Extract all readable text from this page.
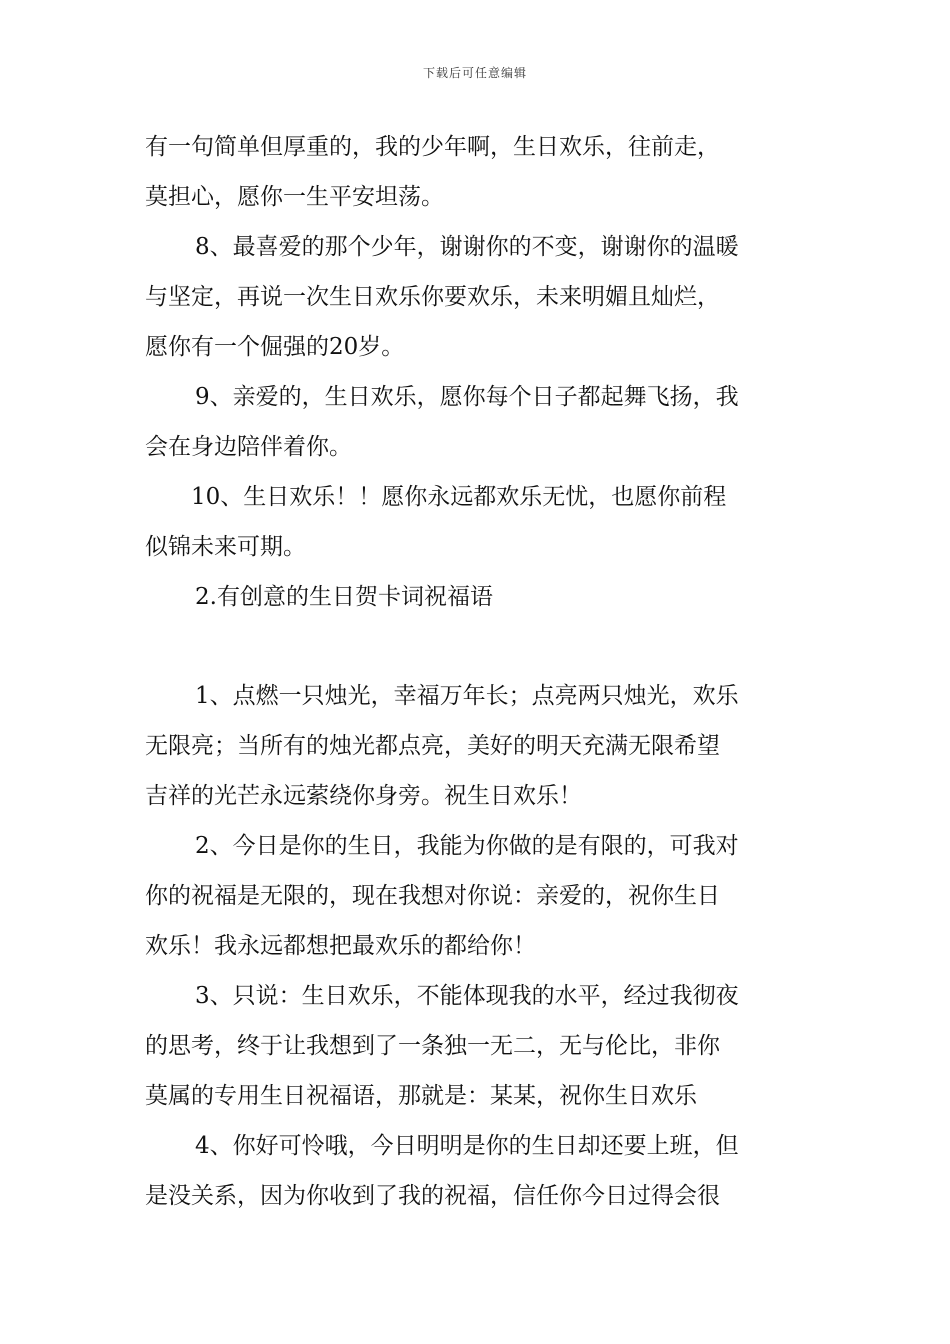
下载后可任意编辑
有一句简单但厚重的，我的少年啊，生日欢乐，往前走，
莫担心，愿你一生平安坦荡。
8、最喜爱的那个少年，谢谢你的不变，谢谢你的温暖
与坚定，再说一次生日欢乐你要欢乐，未来明媚且灿烂，
愿你有一个倔强的20岁。
9、亲爱的，生日欢乐，愿你每个日子都起舞飞扬，我
会在身边陪伴着你。
10、生日欢乐！！愿你永远都欢乐无忧，也愿你前程
似锦未来可期。
2.有创意的生日贺卡词祝福语
1、点燃一只烛光，幸福万年长；点亮两只烛光，欢乐
无限亮；当所有的烛光都点亮，美好的明天充满无限希望
吉祥的光芒永远萦绕你身旁。祝生日欢乐！
2、今日是你的生日，我能为你做的是有限的，可我对
你的祝福是无限的，现在我想对你说：亲爱的，祝你生日
欢乐！我永远都想把最欢乐的都给你！
3、只说：生日欢乐，不能体现我的水平，经过我彻夜
的思考，终于让我想到了一条独一无二，无与伦比，非你
莫属的专用生日祝福语，那就是：某某，祝你生日欢乐
4、你好可怜哦，今日明明是你的生日却还要上班，但
是没关系，因为你收到了我的祝福，信任你今日过得会很
